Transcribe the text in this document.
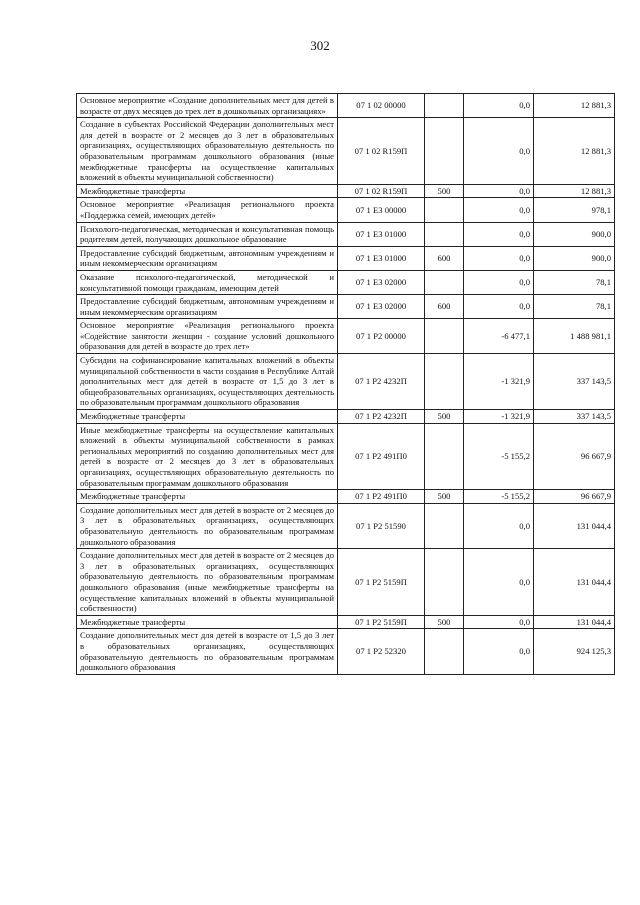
302
Основное мероприятие «Создание дополнительных мест для детей в возрасте от двух месяцев до трех лет в дошкольных организациях»	07 1 02 00000		0,0	12 881,3
Создание в субъектах Российской Федерации дополнительных мест для детей в возрасте от 2 месяцев до 3 лет в образовательных организациях, осуществляющих образовательную деятельность по образовательным программам дошкольного образования (иные межбюджетные трансферты на осуществление капитальных вложений в объекты муниципальной собственности)	07 1 02 R159П		0,0	12 881,3
Межбюджетные трансферты	07 1 02 R159П	500	0,0	12 881,3
Основное мероприятие «Реализация регионального проекта «Поддержка семей, имеющих детей»	07 1 Е3 00000		0,0	978,1
Психолого-педагогическая, методическая и консультативная помощь родителям детей, получающих дошкольное образование	07 1 Е3 01000		0,0	900,0
Предоставление субсидий бюджетным, автономным учреждениям и иным некоммерческим организациям	07 1 Е3 01000	600	0,0	900,0
Оказание психолого-педагогической, методической и консультативной помощи гражданам, имеющим детей	07 1 Е3 02000		0,0	78,1
Предоставление субсидий бюджетным, автономным учреждениям и иным некоммерческим организациям	07 1 Е3 02000	600	0,0	78,1
Основное мероприятие «Реализация регионального проекта «Содействие занятости женщин - создание условий дошкольного образования для детей в возрасте до трех лет»	07 1 Р2 00000		-6 477,1	1 488 981,1
Субсидии на софинансирование капитальных вложений в объекты муниципальной собственности в части создания в Республике Алтай дополнительных мест для детей в возрасте от 1,5 до 3 лет в общеобразовательных организациях, осуществляющих деятельность по образовательным программам дошкольного образования	07 1 Р2 4232П		-1 321,9	337 143,5
Межбюджетные трансферты	07 1 Р2 4232П	500	-1 321,9	337 143,5
Иные межбюджетные трансферты на осуществление капитальных вложений в объекты муниципальной собственности в рамках региональных мероприятий по созданию дополнительных мест для детей в возрасте от 2 месяцев до 3 лет в образовательных организациях, осуществляющих образовательную деятельность по образовательным программам дошкольного образования	07 1 Р2 491П0		-5 155,2	96 667,9
Межбюджетные трансферты	07 1 Р2 491П0	500	-5 155,2	96 667,9
Создание дополнительных мест для детей в возрасте от 2 месяцев до 3 лет в образовательных организациях, осуществляющих образовательную деятельность по образовательным программам дошкольного образования	07 1 Р2 51590		0,0	131 044,4
Создание дополнительных мест для детей в возрасте от 2 месяцев до 3 лет в образовательных организациях, осуществляющих образовательную деятельность по образовательным программам дошкольного образования (иные межбюджетные трансферты на осуществление капитальных вложений в объекты муниципальной собственности)	07 1 Р2 5159П		0,0	131 044,4
Межбюджетные трансферты	07 1 Р2 5159П	500	0,0	131 044,4
Создание дополнительных мест для детей в возрасте от 1,5 до 3 лет в образовательных организациях, осуществляющих образовательную деятельность по образовательным программам дошкольного образования	07 1 Р2 52320		0,0	924 125,3
